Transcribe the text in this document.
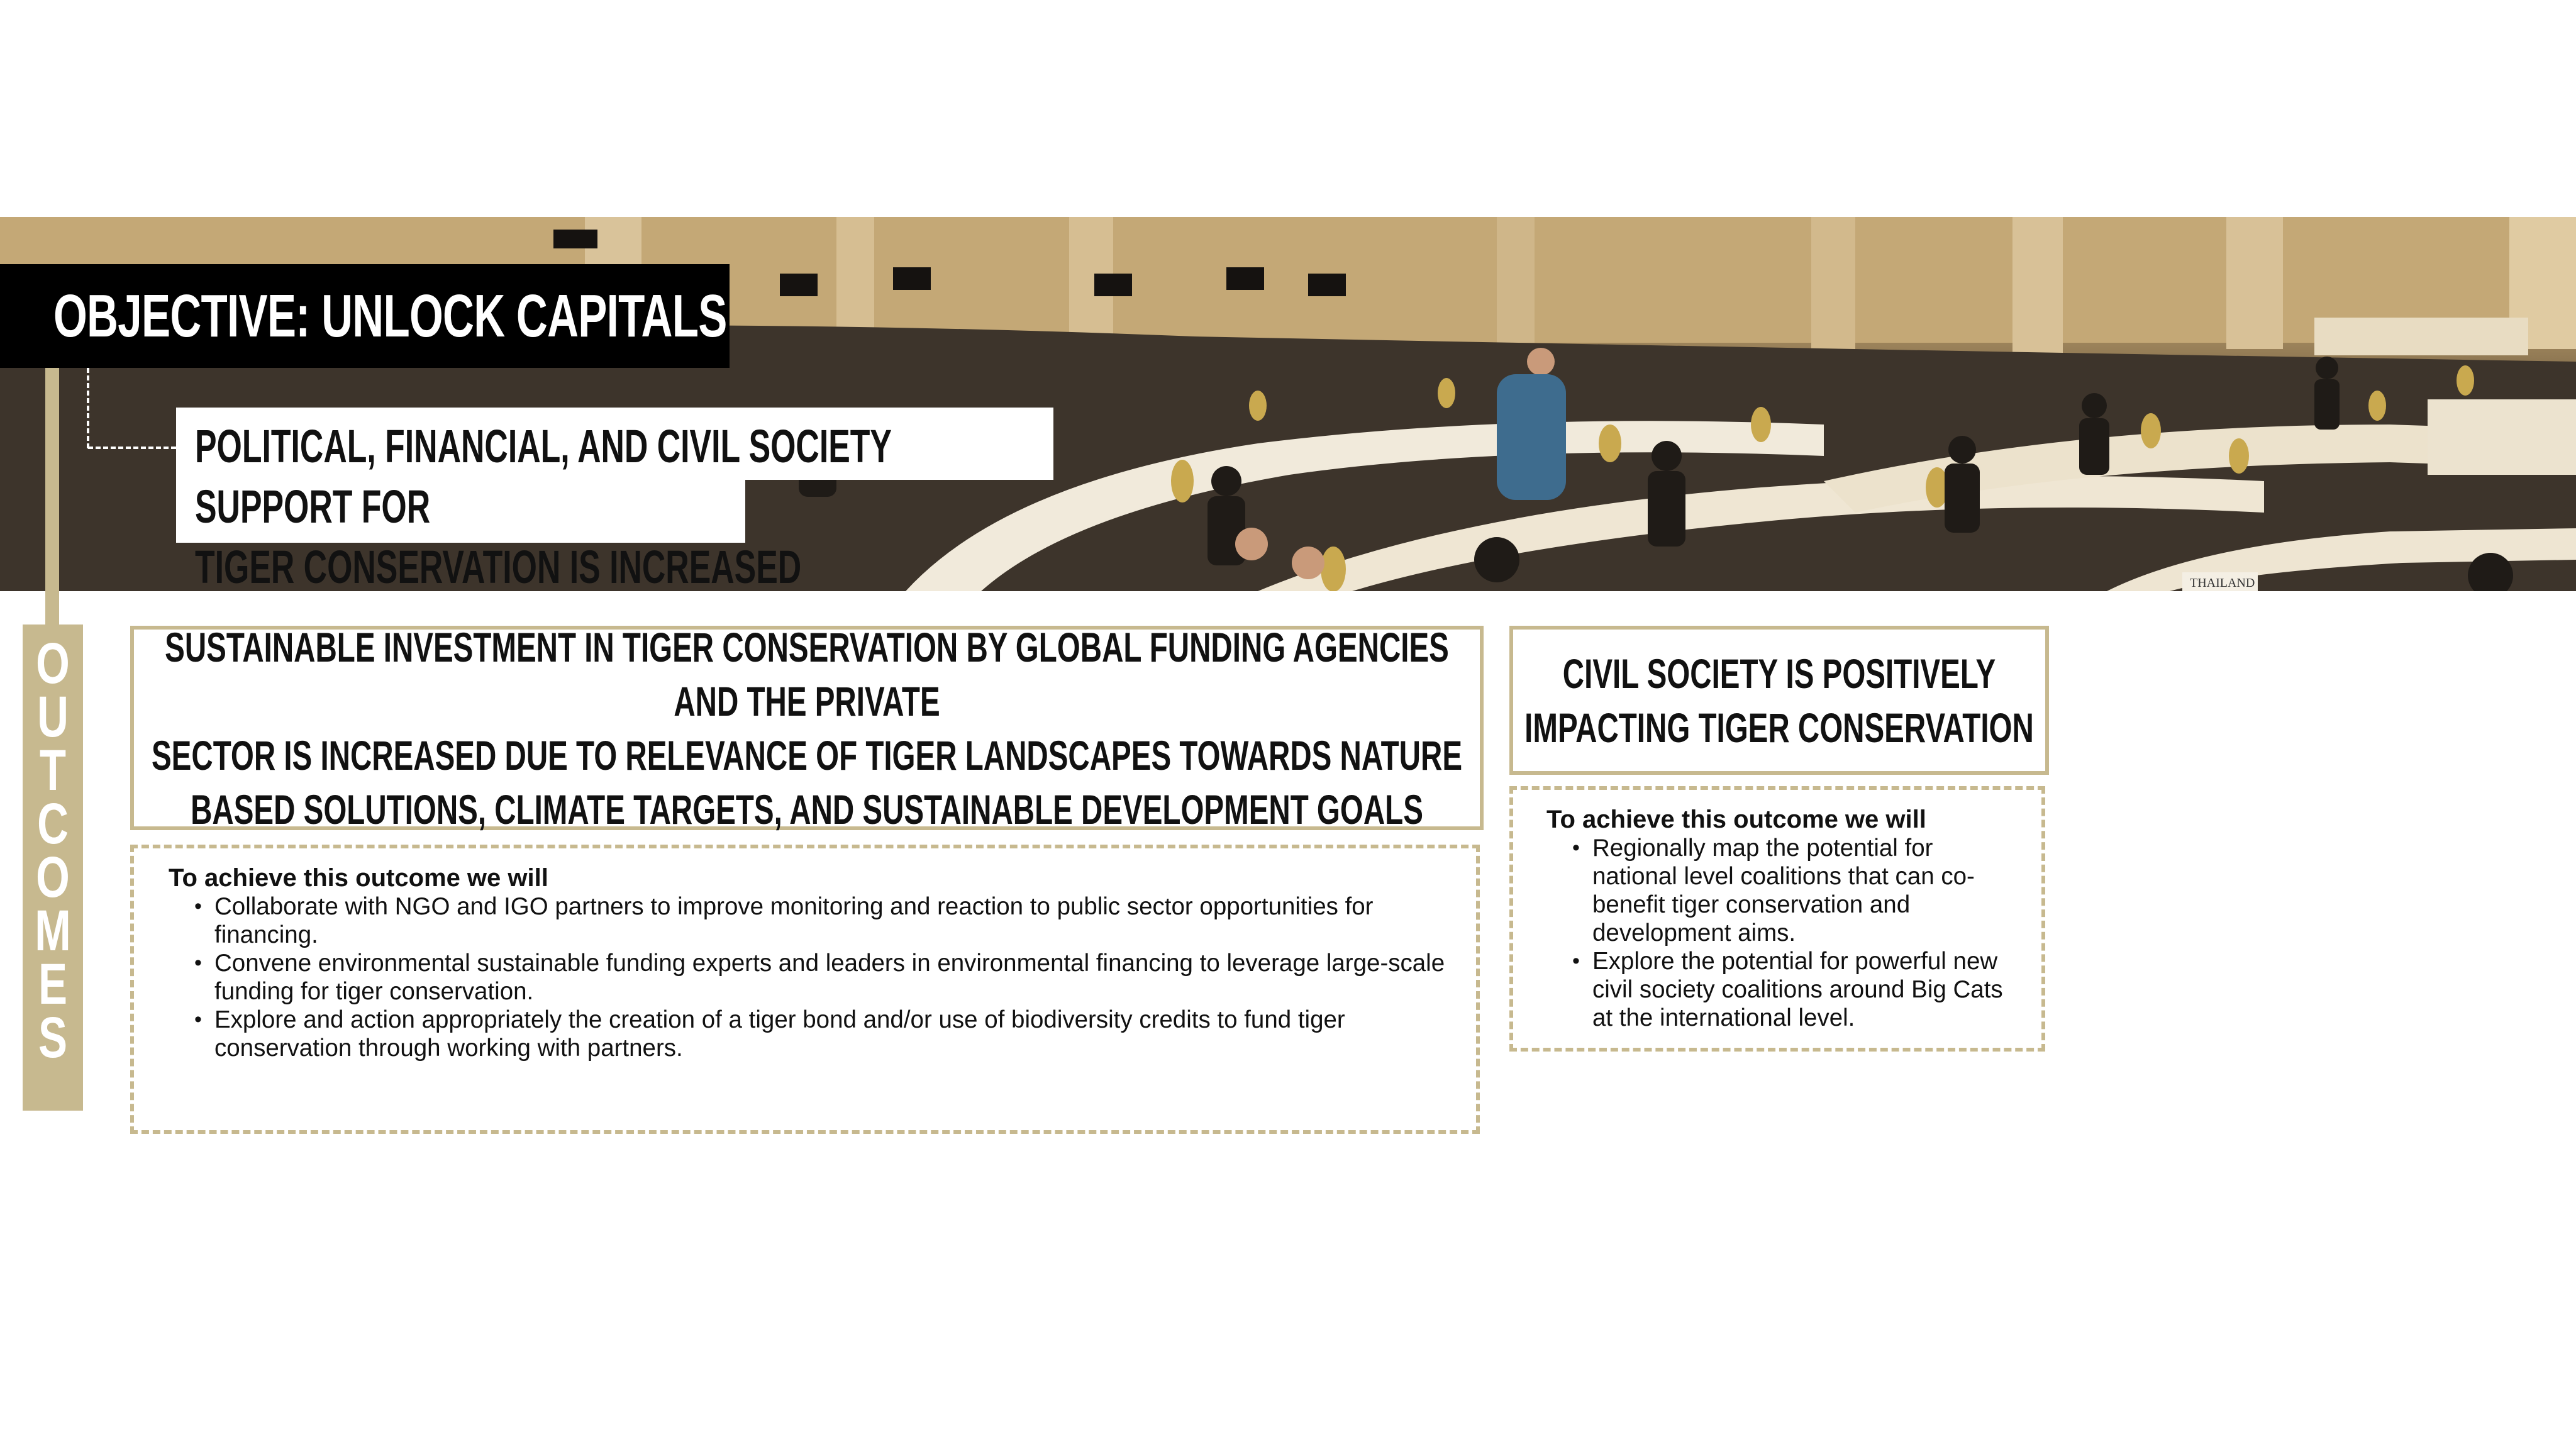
THAILAND
OBJECTIVE: UNLOCK CAPITALS
POLITICAL, FINANCIAL, AND CIVIL SOCIETY SUPPORT FOR
TIGER CONSERVATION IS INCREASED
O
U
T
C
O
M
E
S
SUSTAINABLE INVESTMENT IN TIGER CONSERVATION BY GLOBAL FUNDING AGENCIES AND THE PRIVATE
SECTOR IS INCREASED DUE TO RELEVANCE OF TIGER LANDSCAPES TOWARDS NATURE
BASED SOLUTIONS, CLIMATE TARGETS, AND SUSTAINABLE DEVELOPMENT GOALS
To achieve this outcome we will
• Collaborate with NGO and IGO partners to improve monitoring and reaction to public sector opportunities for financing.
• Convene environmental sustainable funding experts and leaders in environmental financing to leverage large-scale funding for tiger conservation.
• Explore and action appropriately the creation of a tiger bond and/or use of biodiversity credits to fund tiger conservation through working with partners.
CIVIL SOCIETY IS POSITIVELY
IMPACTING TIGER CONSERVATION
To achieve this outcome we will
• Regionally map the potential for national level coalitions that can co-benefit tiger conservation and development aims.
• Explore the potential for powerful new civil society coalitions around Big Cats at the international level.
